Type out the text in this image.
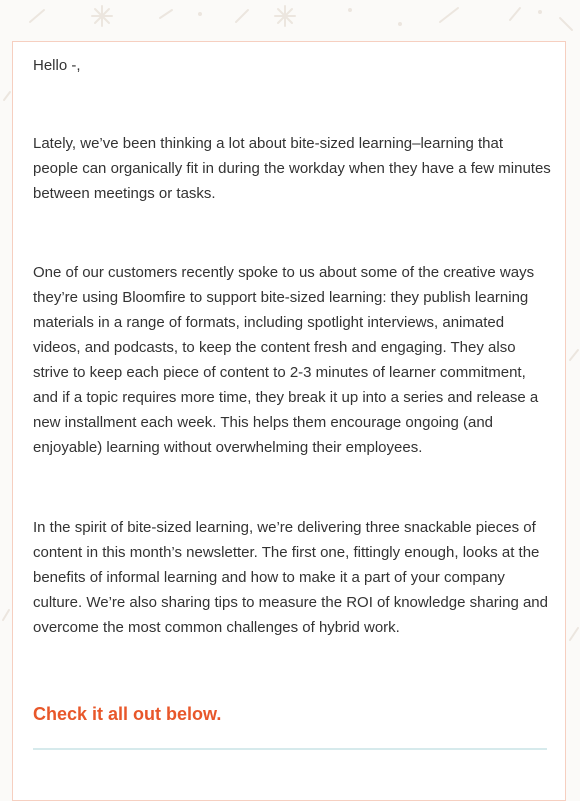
Hello -,

Lately, we’ve been thinking a lot about bite-sized learning–learning that people can organically fit in during the workday when they have a few minutes between meetings or tasks.

One of our customers recently spoke to us about some of the creative ways they’re using Bloomfire to support bite-sized learning: they publish learning materials in a range of formats, including spotlight interviews, animated videos, and podcasts, to keep the content fresh and engaging. They also strive to keep each piece of content to 2-3 minutes of learner commitment, and if a topic requires more time, they break it up into a series and release a new installment each week. This helps them encourage ongoing (and enjoyable) learning without overwhelming their employees.

In the spirit of bite-sized learning, we’re delivering three snackable pieces of content in this month’s newsletter. The first one, fittingly enough, looks at the benefits of informal learning and how to make it a part of your company culture. We’re also sharing tips to measure the ROI of knowledge sharing and overcome the most common challenges of hybrid work.

Check it all out below.
